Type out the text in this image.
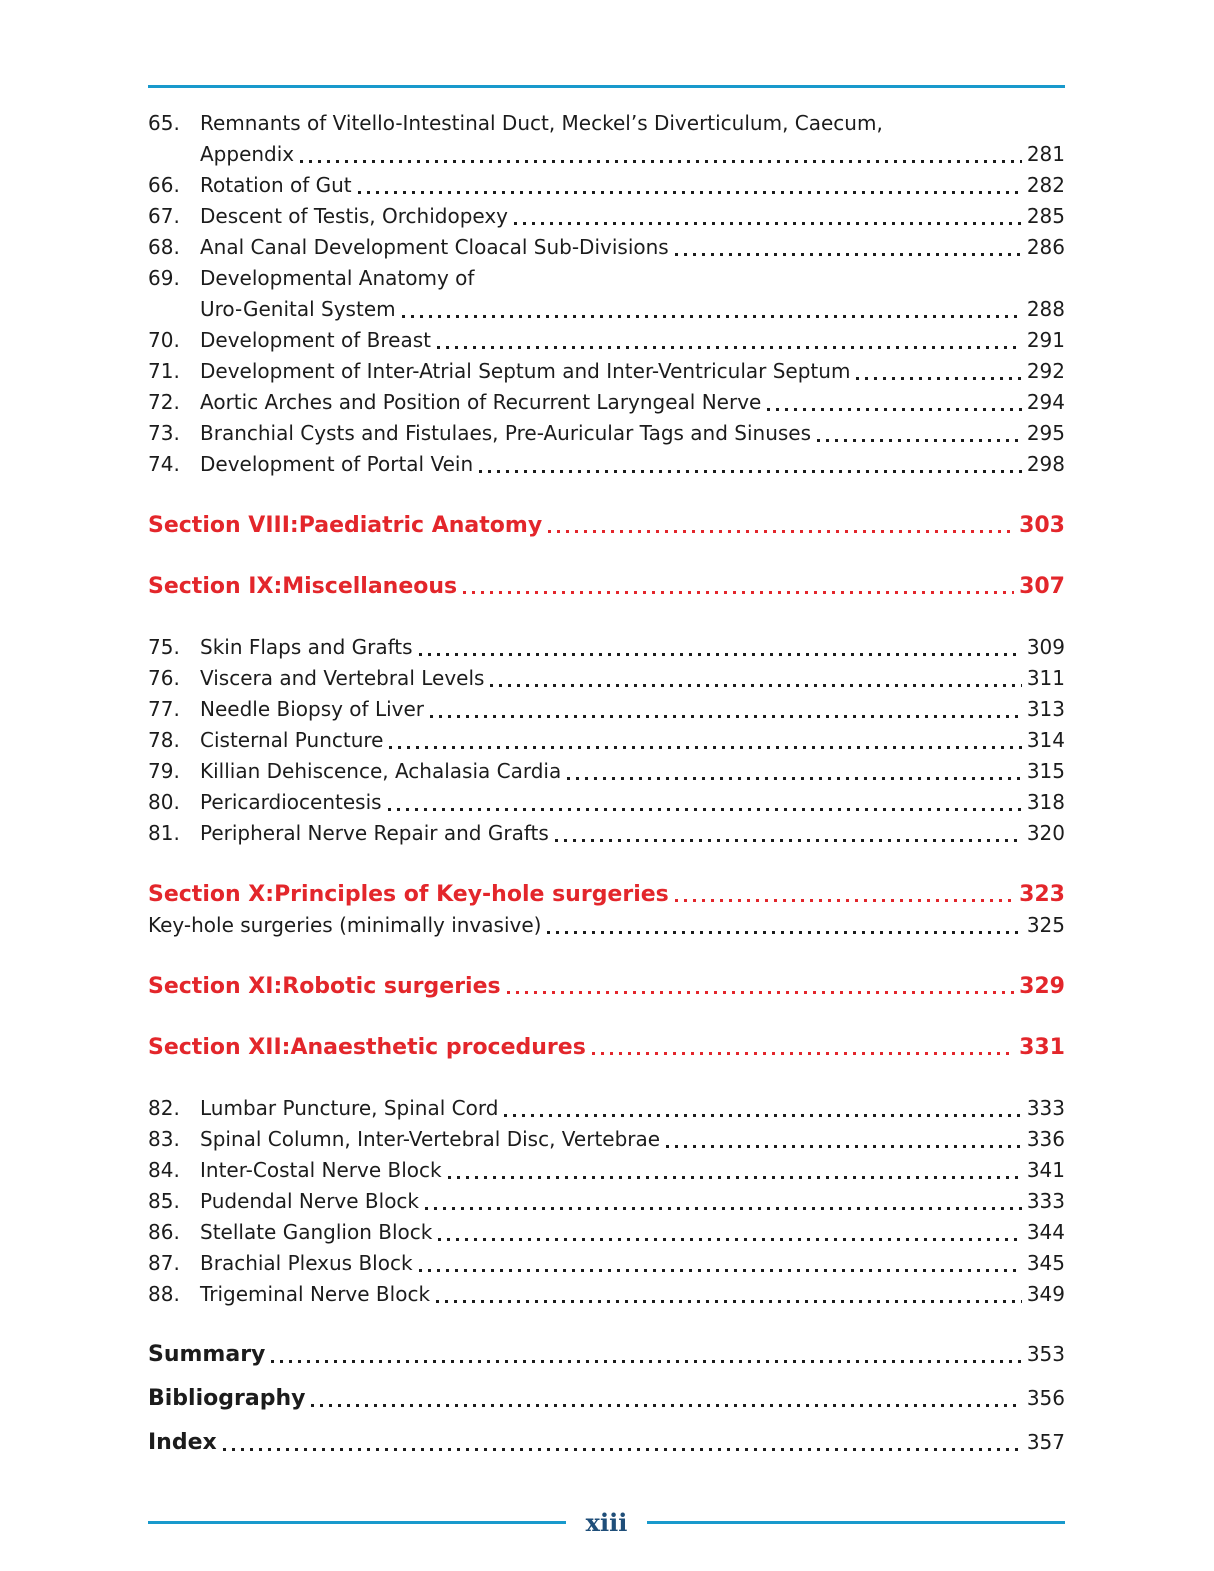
65.	Remnants of Vitello-Intestinal Duct, Meckel’s Diverticulum, Caecum,
Appendix	281
66.	Rotation of Gut	282
67.	Descent of Testis, Orchidopexy	285
68.	Anal Canal Development Cloacal Sub-Divisions	286
69.	Developmental Anatomy of
Uro-Genital System	288
70.	Development of Breast	291
71.	Development of Inter-Atrial Septum and Inter-Ventricular Septum	292
72.	Aortic Arches and Position of Recurrent Laryngeal Nerve	294
73.	Branchial Cysts and Fistulaes, Pre-Auricular Tags and Sinuses	295
74.	Development of Portal Vein	298
Section VIII: Paediatric Anatomy	303
Section IX: Miscellaneous	307
75.	Skin Flaps and Grafts	309
76.	Viscera and Vertebral Levels	311
77.	Needle Biopsy of Liver	313
78.	Cisternal Puncture	314
79.	Killian Dehiscence, Achalasia Cardia	315
80.	Pericardiocentesis	318
81.	Peripheral Nerve Repair and Grafts	320
Section X: Principles of Key-hole surgeries	323
Key-hole surgeries (minimally invasive)	325
Section XI: Robotic surgeries	329
Section XII: Anaesthetic procedures	331
82.	Lumbar Puncture, Spinal Cord	333
83.	Spinal Column, Inter-Vertebral Disc, Vertebrae	336
84.	Inter-Costal Nerve Block	341
85.	Pudendal Nerve Block	333
86.	Stellate Ganglion Block	344
87.	Brachial Plexus Block	345
88.	Trigeminal Nerve Block	349
Summary	353
Bibliography	356
Index	357
xiii
